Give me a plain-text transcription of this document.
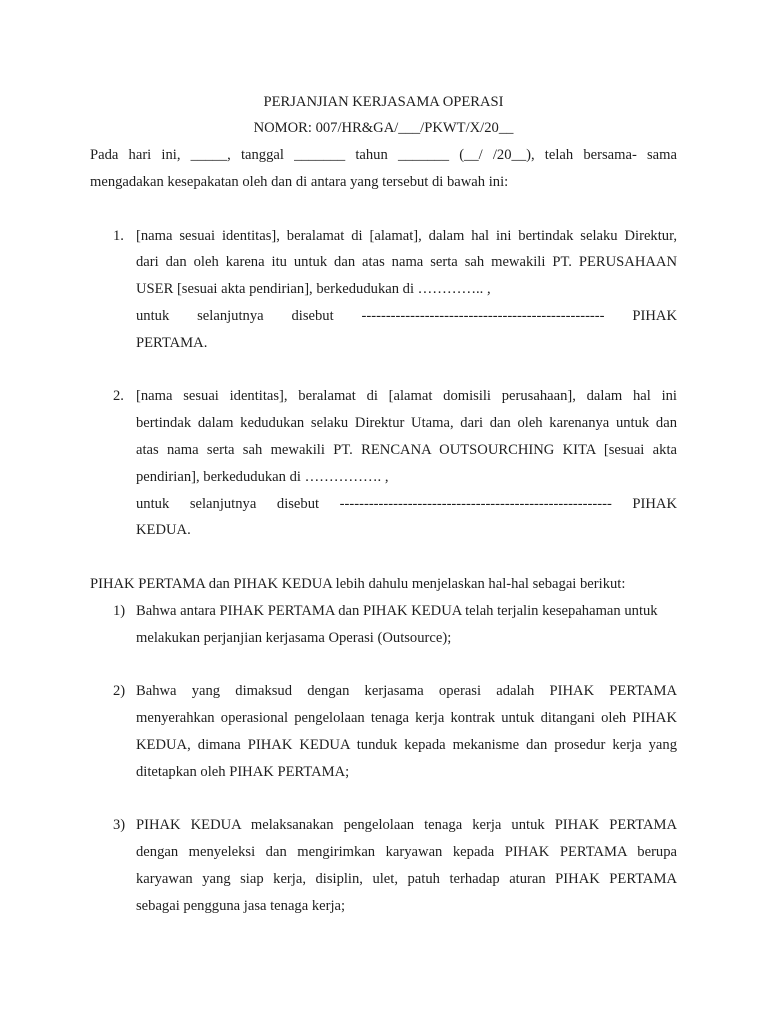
PERJANJIAN KERJASAMA OPERASI
NOMOR: 007/HR&GA/___/PKWT/X/20__
Pada hari ini, _____, tanggal _______ tahun _______ (__/ /20__), telah bersama- sama
mengadakan kesepakatan oleh dan di antara yang tersebut di bawah ini:
1. [nama sesuai identitas], beralamat di [alamat], dalam hal ini bertindak selaku Direktur,
dari dan oleh karena itu untuk dan atas nama serta sah mewakili PT. PERUSAHAAN
USER [sesuai akta pendirian], berkedudukan di ………….. ,
untuk selanjutnya disebut -------------------------------------------------- PIHAK
PERTAMA.
2. [nama sesuai identitas], beralamat di [alamat domisili perusahaan], dalam hal ini
bertindak dalam kedudukan selaku Direktur Utama, dari dan oleh karenanya untuk dan
atas nama serta sah mewakili PT. RENCANA OUTSOURCHING KITA [sesuai akta
pendirian], berkedudukan di ……………. ,
untuk selanjutnya disebut -------------------------------------------------------- PIHAK
KEDUA.
PIHAK PERTAMA dan PIHAK KEDUA lebih dahulu menjelaskan hal-hal sebagai berikut:
1) Bahwa antara PIHAK PERTAMA dan PIHAK KEDUA telah terjalin kesepahaman untuk
melakukan perjanjian kerjasama Operasi (Outsource);
2) Bahwa yang dimaksud dengan kerjasama operasi adalah PIHAK PERTAMA
menyerahkan operasional pengelolaan tenaga kerja kontrak untuk ditangani oleh PIHAK
KEDUA, dimana PIHAK KEDUA tunduk kepada mekanisme dan prosedur kerja yang
ditetapkan oleh PIHAK PERTAMA;
3) PIHAK KEDUA melaksanakan pengelolaan tenaga kerja untuk PIHAK PERTAMA
dengan menyeleksi dan mengirimkan karyawan kepada PIHAK PERTAMA berupa
karyawan yang siap kerja, disiplin, ulet, patuh terhadap aturan PIHAK PERTAMA
sebagai pengguna jasa tenaga kerja;
